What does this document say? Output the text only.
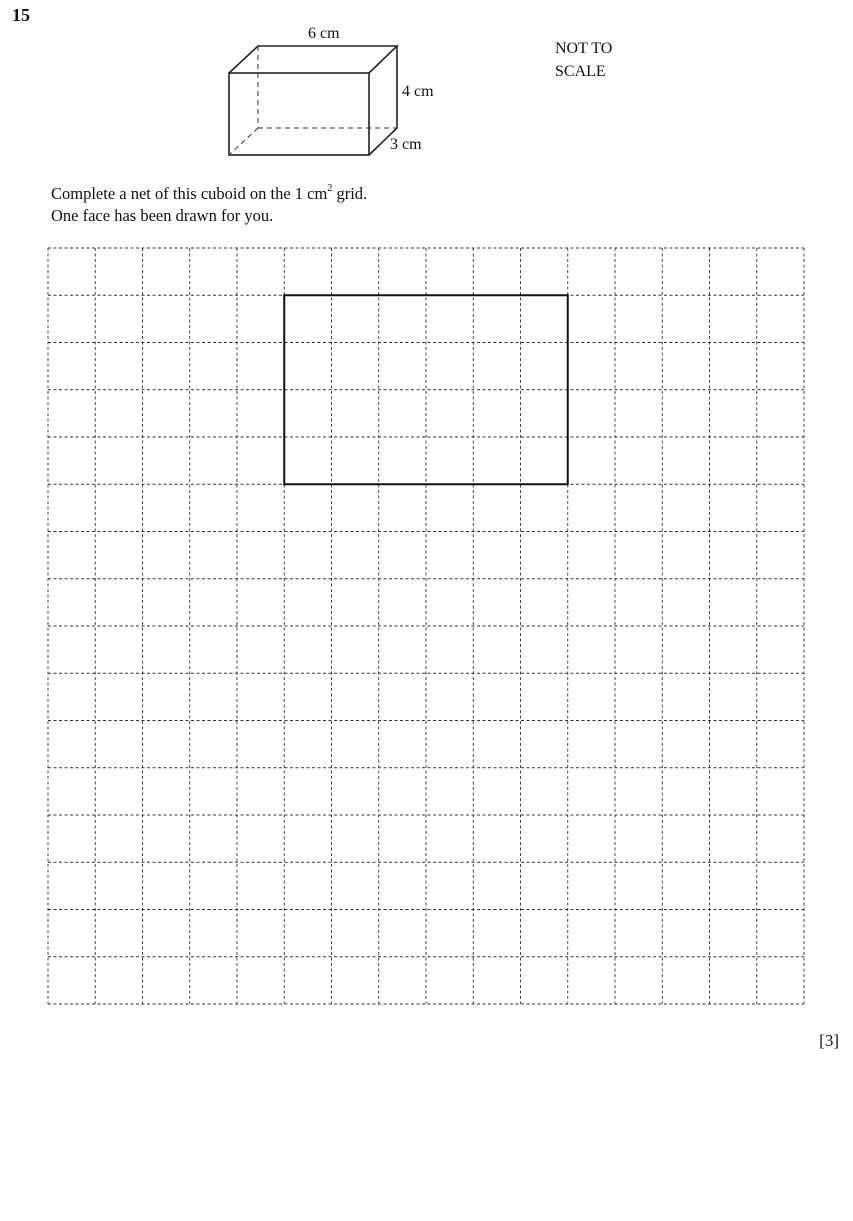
15
6 cm
4 cm
3 cm
NOT TO
SCALE
Complete a net of this cuboid on the 1 $cm^2$ grid.
One face has been drawn for you.
[3]
